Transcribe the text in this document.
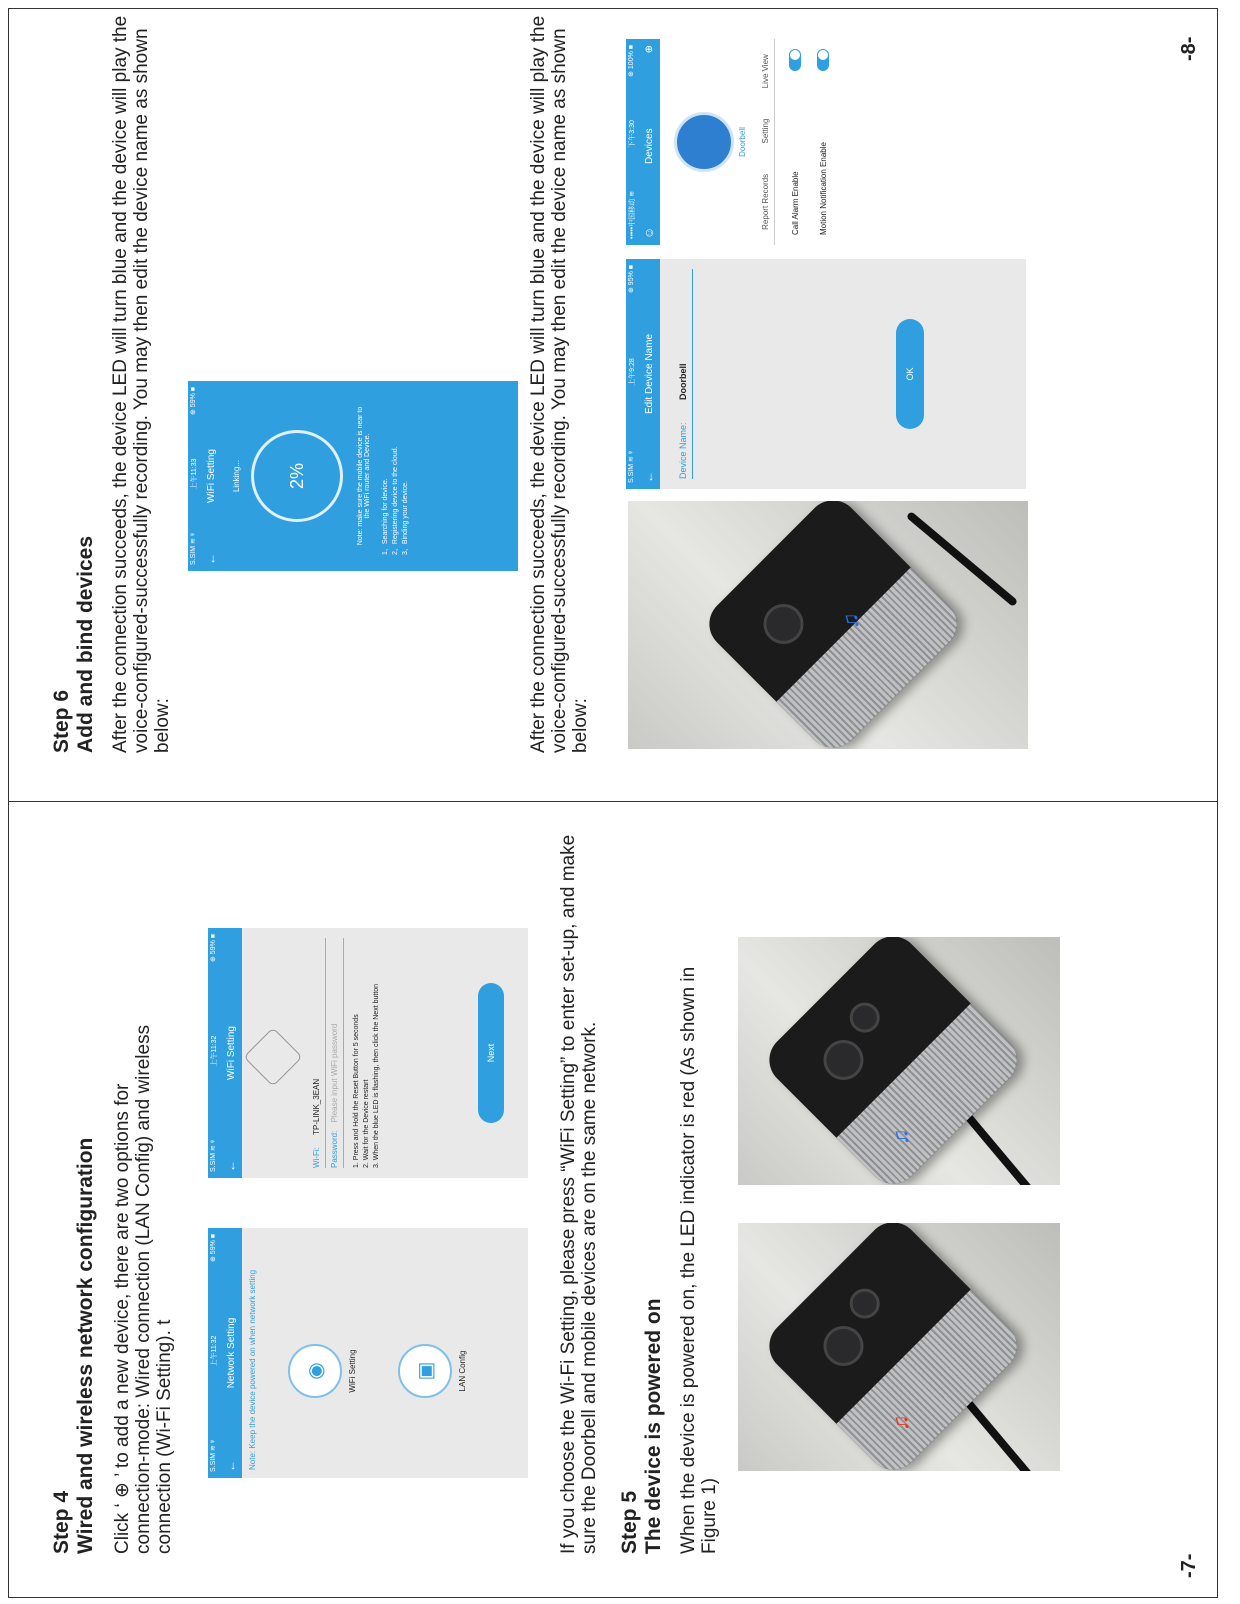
Step 4 Wired and wireless network configuration Click ‘ ⊕ ’ to add a new device, there are two options for connection-mode: Wired connection (LAN Config) and wireless connection (Wi-Fi Setting). t	S.SIM ≋ ᵠ
上午11:32
⊕ 59% ■
←
Network Setting	Note: Keep the device powered on when network setting	◉	WiFi Setting	▣	LAN Config
S.SIM ≋ ᵠ
上午11:32
⊕ 59% ■
←
WiFi Setting
Wi-Fi: TP-LINK_3EAN
Password: Please input WiFi password	1. Press and Hold the Reset Button for 5 seconds 2. Wait for the Device restart 3. When the blue LED is flashing, then click the Next button	Next	If you choose the Wi-Fi Setting, please press “WiFi Setting” to enter set-up, and make sure the Doorbell and mobile devices are on the same network. Step 5 The device is powered on When the device is powered on, the LED indicator is red (As shown in Figure 1)

♫
♫
-7-

Step 6 Add and bind devices After the connection succeeds, the device LED will turn blue and the device will play the voice-configured-successfully recording. You may then edit the device name as shown below:

S.SIM ≋ ᵠ
上午11:33
⊕ 59% ■
←
WiFi Setting Linking...	2%	Note: make sure the mobile device is near to the WiFi router and Device. 1、Searching for device. 2、Registering device to the cloud. 3、Binding your device.	After the connection succeeds, the device LED will turn blue and the device will play the voice-configured-successfully recording. You may then edit the device name as shown below:

♫
S.SIM ≋ ᵠ
上午9:28
⊕ 95% ■
←
Edit Device Name
Device Name: Doorbell	OK
•••••中国移动 ≋
下午3:30
⊕ 100% ■
☺
Devices
⊕
Doorbell
Report Records
Setting
Live View
Call Alarm Enable Motion Notification Enable
-8-
